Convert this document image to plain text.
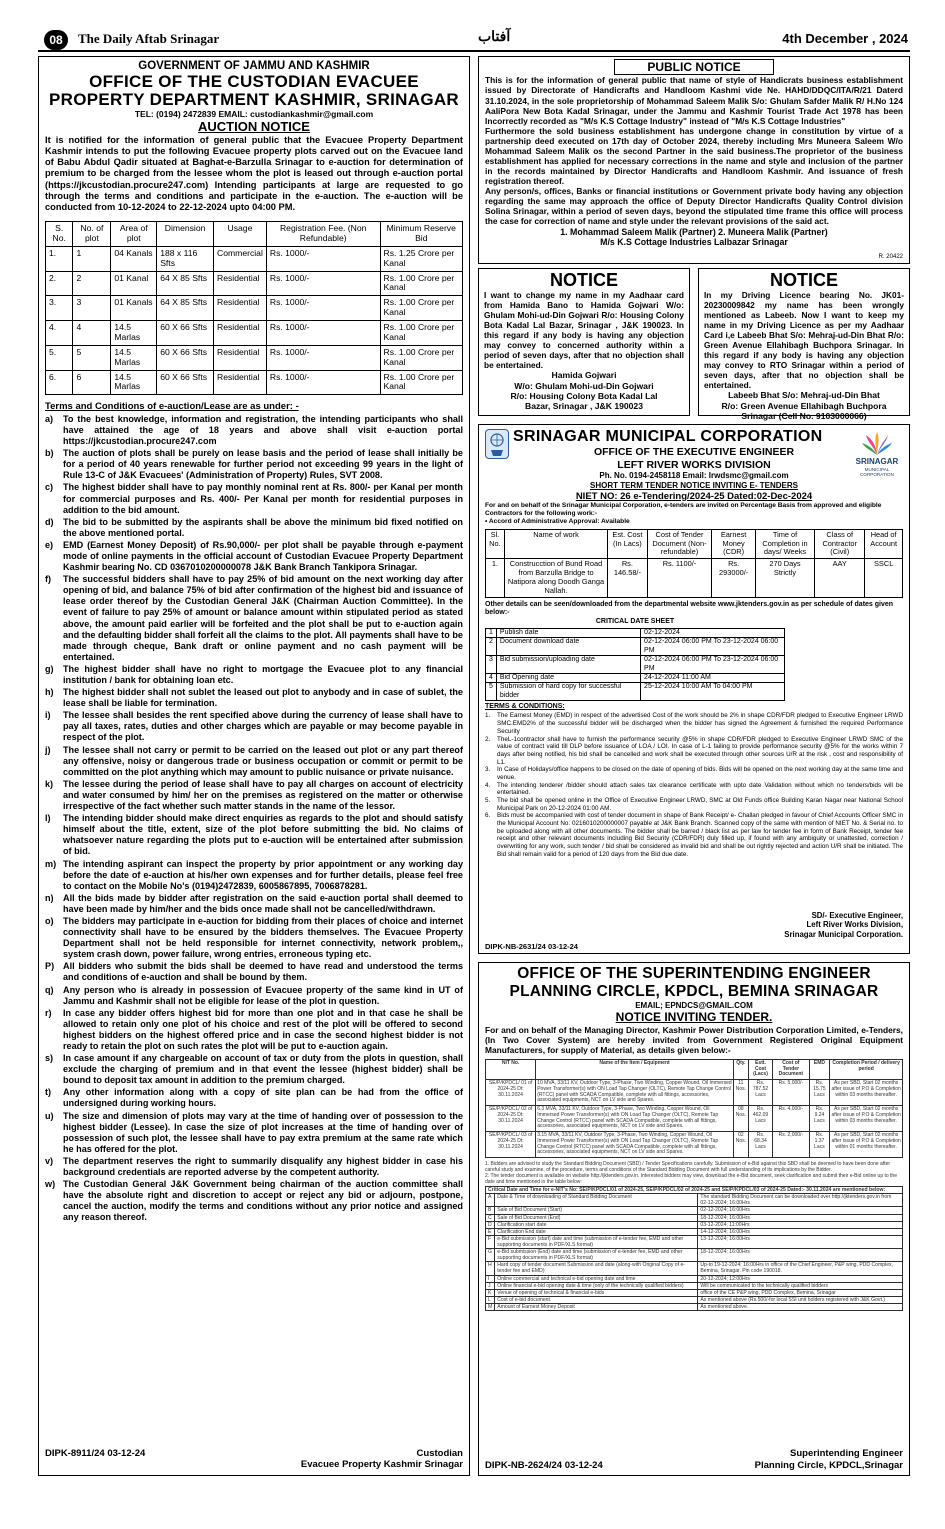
08	The Daily Aftab Srinagar	آفتاب	4th December , 2024
GOVERNMENT OF JAMMU AND KASHMIR
OFFICE OF THE CUSTODIAN EVACUEE
PROPERTY DEPARTMENT KASHMIR, SRINAGAR
TEL: (0194) 2472839 EMAIL: custodiankashmir@gmail.com
AUCTION NOTICE
It is notified for the information of general public that the Evacuee Property Department Kashmir intends to put the following Evacuee property plots carved out on the Evacuee land of Babu Abdul Qadir situated at Baghat-e-Barzulla Srinagar to e-auction for determination of premium to be charged from the lessee whom the plot is leased out through e-auction portal (https://jkcustodian.procure247.com) Intending participants at large are requested to go through the terms and conditions and participate in the e-auction. The e-auction will be conducted from 10-12-2024 to 22-12-2024 upto 04:00 PM.
S. No.	No. of plot	Area of plot	Dimension	Usage	Registration Fee. (Non Refundable)	Minimum Reserve Bid
1.	1	04 Kanals	188 x 116 Sfts	Commercial	Rs. 1000/-	Rs. 1.25 Crore per Kanal
2.	2	01 Kanal	64 X 85 Sfts	Residential	Rs. 1000/-	Rs. 1.00 Crore per Kanal
3.	3	01 Kanals	64 X 85 Sfts	Residential	Rs. 1000/-	Rs. 1.00 Crore per Kanal
4.	4	14.5 Marlas	60 X 66 Sfts	Residential	Rs. 1000/-	Rs. 1.00 Crore per Kanal
5.	5	14.5 Marlas	60 X 66 Sfts	Residential	Rs. 1000/-	Rs. 1.00 Crore per Kanal
6.	6	14.5 Marlas	60 X 66 Sfts	Residential	Rs. 1000/-	Rs. 1.00 Crore per Kanal
Terms and Conditions of e-auction/Lease are as under: -
a)	To the best knowledge, information and registration, the intending participants who shall have attained the age of 18 years and above shall visit e-auction portal https://jkcustodian.procure247.com
b)	The auction of plots shall be purely on lease basis and the period of lease shall initially be for a period of 40 years renewable for further period not exceeding 99 years in the light of Rule 13-C of J&K Evacuees' (Administration of Property) Rules, SVT 2008.
c)	The highest bidder shall have to pay monthly nominal rent at Rs. 800/- per Kanal per month for commercial purposes and Rs. 400/- Per Kanal per month for residential purposes in addition to the bid amount.
d)	The bid to be submitted by the aspirants shall be above the minimum bid fixed notified on the above mentioned portal.
e)	EMD (Earnest Money Deposit) of Rs.90,000/- per plot shall be payable through e-payment mode of online payments in the official account of Custodian Evacuee Property Department Kashmir bearing No. CD 0367010200000078 J&K Bank Branch Tankipora Srinagar.
f)	The successful bidders shall have to pay 25% of bid amount on the next working day after opening of bid, and balance 75% of bid after confirmation of the highest bid and issuance of lease order thereof by the Custodian General J&K (Chairman Auction Committee). In the event of failure to pay 25% of amount or balance amount within stipulated period as stated above, the amount paid earlier will be forfeited and the plot shall be put to e-auction again and the defaulting bidder shall forfeit all the claims to the plot. All payments shall have to be made through cheque, Bank draft or online payment and no cash payment will be entertained.
g)	The highest bidder shall have no right to mortgage the Evacuee plot to any financial institution / bank for obtaining loan etc.
h)	The highest bidder shall not sublet the leased out plot to anybody and in case of sublet, the lease shall be liable for termination.
i)	The lessee shall besides the rent specified above during the currency of lease shall have to pay all taxes, rates, duties and other charges which are payable or may become payable in respect of the plot.
j)	The lessee shall not carry or permit to be carried on the leased out plot or any part thereof any offensive, noisy or dangerous trade or business occupation or commit or permit to be committed on the plot anything which may amount to public nuisance or private nuisance.
k)	The lessee during the period of lease shall have to pay all charges on account of electricity and water consumed by him/ her on the premises as registered on the matter or otherwise irrespective of the fact whether such matter stands in the name of the lessor.
l)	The intending bidder should make direct enquiries as regards to the plot and should satisfy himself about the title, extent, size of the plot before submitting the bid. No claims of whatsoever nature regarding the plots put to e-auction will be entertained after submission of bid.
m) The intending aspirant can inspect the property by prior appointment or any working day before the date of e-auction at his/her own expenses and for further details, please feel free to contact on the Mobile No's (0194)2472839, 6005867895, 7006878281.
n)	All the bids made by bidder after registration on the said e-auction portal shall deemed to have been made by him/her and the bids once made shall not be cancelled/withdrawn.
o)	The bidders may participate in e-auction for bidding from their places of choice and internet connectivity shall have to be ensured by the bidders themselves. The Evacuee Property Department shall not be held responsible for internet connectivity, network problem,, system crash down, power failure, wrong entries, erroneous typing etc.
P) All bidders who submit the bids shall be deemed to have read and understood the terms and conditions of e-auction and shall be bound by them.
q)	Any person who is already in possession of Evacuee property of the same kind in UT of Jammu and Kashmir shall not be eligible for lease of the plot in question.
r)	In case any bidder offers highest bid for more than one plot and in that case he shall be allowed to retain only one plot of his choice and rest of the plot will be offered to second highest bidders on the highest offered price and in case the second highest bidder is not ready to retain the plot on such rates the plot will be put to e-auction again.
s)	In case amount if any chargeable on account of tax or duty from the plots in question, shall exclude the charging of premium and in that event the lessee (highest bidder) shall be bound to deposit tax amount in addition to the premium charged.
t)	Any other information along with a copy of site plan can be had from the office of undersigned during working hours.
u)	The size and dimension of plots may vary at the time of handing over of possession to the highest bidder (Lessee). In case the size of plot increases at the time of handing over of possession of such plot, the lessee shall have to pay extra premium at the same rate which he has offered for the plot.
v)	The department reserves the right to summarily disqualify any highest bidder in case his background credentials are reported adverse by the competent authority.
w) The Custodian General J&K Government being chairman of the auction committee shall have the absolute right and discretion to accept or reject any bid or adjourn, postpone, cancel the auction, modify the terms and conditions without any prior notice and assigned any reason thereof.
DIPK-8911/24 03-12-24	Custodian
Evacuee Property Kashmir Srinagar
PUBLIC NOTICE
This is for the information of general public that name of style of Handicrats business establishment issued by Directorate of Handicrafts and Handloom Kashmi vide Ne. HAHD/DDQC/ITA/R/21 Daterd 31.10.2024, in the sole proprietorship of Mohammad Saleem Malik S/o: Ghulam Safder Malik R/ H.No 124 AaliPora New Bota Kadal Srinagar, under the Jammu and Kashmir Tourist Trade Act 1978 has been Incorrectly recorded as "M/s K.S Cottage Industry" instead of "M/s K.S Cottage Industries"
Furthermore the sold business establishment has undergone change in constitution by virtue of a partnership deed executed on 17th day of October 2024, thereby including Mrs Muneera Saleem W/o Mohammad Saleem Malik os the second Partner in the said business.The proprietor of the business establishment has applied for necessary corrections in the name and style and inclusion of the partner in the records maintained by Director Handicrafts and Handloom Kashmir. And issuance of fresh registration thereof.
Any person/s, offices, Banks or financial institutions or Government private body having any objection regarding the same may approach the office of Deputy Director Handicrafts Quality Control division Solina Srinagar, within a period of seven days, beyond the stipulated time frame this office will process the case for correction of name and style under the relevant provisions of the said act.
1. Mohammad Saleem Malik (Partner) 2. Muneera Malik (Partner)
M/s K.S Cottage Industries Lalbazar Srinagar
R. 20422
NOTICE
I want to change my name in my Aadhaar card from Hamida Bano to Hamida Gojwari W/o: Ghulam Mohi-ud-Din Gojwari R/o: Housing Colony Bota Kadal Lal Bazar, Srinagar , J&K 190023. In this regard if any body is having any objection may convey to concerned authority within a period of seven days, after that no objection shall be entertained.
Hamida Gojwari
W/o: Ghulam Mohi-ud-Din Gojwari
R/o: Housing Colony Bota Kadal Lal
Bazar, Srinagar , J&K 190023
NOTICE
In my Driving Licence bearing No. JK01-20230009842 my name has been wrongly mentioned as Labeeb. Now I want to keep my name in my Driving Licence as per my Aadhaar Card i,e Labeeb Bhat S/o: Mehraj-ud-Din Bhat R/o: Green Avenue Ellahibagh Buchpora Srinagar. In this regard if any body is having any objection may convey to RTO Srinagar within a period of seven days, after that no objection shall be entertained.
Labeeb Bhat S/o: Mehraj-ud-Din Bhat
R/o: Green Avenue Ellahibagh Buchpora
Srinagar (Cell No. 9103000066)
SRINAGAR
MUNICIPAL CORPORATION
SRINAGAR MUNICIPAL CORPORATION
OFFICE OF THE EXECUTIVE ENGINEER
LEFT RIVER WORKS DIVISION
Ph. No. 0194-2458118 Email: lrwdsmc@gmail.com
SHORT TERM TENDER NOTICE INVITING E- TENDERS
NIET NO: 26 e-Tendering/2024-25 Dated:02-Dec-2024
For and on behalf of the Srinagar Municipal Corporation, e-tenders are invited on Percentage Basis from approved and eligible Contractors for the following work:-
• Accord of Administrative Approval: Available
Sl. No.	Name of work	Est. Cost (In Lacs)	Cost of Tender Document (Non-refundable)	Earnest Money (CDR)	Time of Completion in days/ Weeks	Class of Contractor (Civil)	Head of Account
1.	Construcction of Bund Road from Barzulla Bridge to Natipora along Doodh Ganga Nallah.	Rs. 146.58/-	Rs. 1100/-	Rs. 293000/-	270 Days Strictly	AAY	SSCL
Other details can be seen/downloaded from the departmental website www.jktenders.gov.in as per schedule of dates given below:-
CRITICAL DATE SHEET
1	Publish date	02-12-2024
2	Document download date	02-12-2024 06:00 PM To 23-12-2024 06:00 PM
3	Bid submission/uploading date	02-12-2024 06:00 PM To 23-12-2024 06:00 PM
4	Bid Opening date	24-12-2024 11:00 AM
5	Submission of hard copy for successful bidder	25-12-2024 10:00 AM To 04:00 PM
TERMS & CONDITIONS:
1.	The Earnest Money (EMD) in respect of the advertised Cost of the work should be 2% in shape CDR/FDR pledged to Executive Engineer LRWD SMC.EMD2% of the successful bidder will be discharged when the bidder has signed the Agreement & furnished the required Performance Security
2.	TheL-1contractor shall have to furnish the performance security @5% in shape CDR/FDR pledged to Executive Engineer LRWD SMC of the value of contract valid till DLP before issuance of LOA / LOI. In case of L-1 failing to provide performance security @5% for the works within 7 days after being notified, his bid shall be cancelled and work shall be executed through other sources U/R at the risk , cost and responsibility of L1.
3.	In Case of Holidays/office happens to be closed on the date of opening of bids. Bids will be opened on the next working day at the same time and venue.
4.	The intending tenderer /bidder should attach sales tax clearance certificate with upto date Validation without which no tenders/bids will be entertained.
5.	The bid shall be opened online in the Office of Executive Engineer LRWD, SMC at Old Funds office Building Karan Nagar near National School Municipal Park on 20-12-2024 01:00 AM.
6.	Bids must be accompanied with cost of tender document in shape of Bank Receipt/ e- Challan pledged in favour of Chief Accounts Officer SMC in the Municipal Account No: 0216010200000007 payable at J&K Bank Branch. Scanned copy of the same with mention of NIET No. & Serial no. to be uploaded along with all other documents. The bidder shall be barred / black list as per law for tender fee in form of Bank Receipt, tender fee receipt and other relevant documents including Bid Security (CDR/FDR) duly filled up, if found with any ambiguity or unattested, correction / overwriting for any work, such tender / bid shall be considered as invalid bid and shall be out rightly rejected and action U/R shall be initiated. The Bid shall remain valid for a period of 120 days from the Bid due date.
SD/- Executive Engineer,
Left River Works Division,
Srinagar Municipal Corporation.
DIPK-NB-2631/24 03-12-24
OFFICE OF THE SUPERINTENDING ENGINEER
PLANNING CIRCLE, KPDCL, BEMINA SRINAGAR
EMAIL; EPNDCS@GMAIL.COM
NOTICE INVITING TENDER.
For and on behalf of the Managing Director, Kashmir Power Distribution Corporation Limited, e-Tenders, (In Two Cover System) are hereby invited from Government Registered Original Equipment Manufacturers, for supply of Material, as details given below:-
NIT No.	Name of the Item / Equipment	Qty.	Estt. Cost (Lacs)	Cost of Tender Document	EMD	Completion Period / delivery period
SE/P/KPDCL/ 01 of 2024-25 Dt: 30.11.2024	10 MVA, 33/11 KV, Outdoor Type, 3-Phase, Two Winding, Copper Wound, Oil Immersed Power Transformer(s) with ON Load Tap Changer (OLTC), Remote Tap Change Control (RTCC) panel with SCADA Compatible, complete with all fittings, accessories, associated equipments, NCT on LV side and Spares.	11 Nos.	Rs. 787.52 Lacs	Rs. 5,000/-	Rs. 15.75 Lacs	As per SBD, Start 02 months after issue of P.O & Completion within 03 months thereafter.
SE/P/KPDCL/ 02 of 2024-25 Dt: 30.11.2024	6.3 MVA, 33/11 KV, Outdoor Type, 3-Phase, Two Winding, Copper Wound, Oil Immersed Power Transformer(s) with ON Load Tap Changer (OLTC), Remote Tap Change Control (RTCC) panel with SCADA Compatible, complete with all fittings, accessories, associated equipments, NCT on LV side and Spares.	08 Nos.	Rs. 462.09 Lacs	Rs. 4,000/-	Rs. 9.24 Lacs	As per SBD, Start 02 months after issue of P.O & Completion within 03 months thereafter.
SE/P/KPDCL/ 03 of 2024-25 Dt: 30.11.2024	3.15 MVA, 33/11 KV, Outdoor Type, 3-Phase, Two Winding, Copper Wound, Oil Immersed Power Transformer(s) with ON Load Tap Changer (OLTC), Remote Tap Change Control (RTCC) panel with SCADA Compatible, complete with all fittings, accessories, associated equipments, NCT on LV side and Spares.	02 Nos.	Rs. 68.34 Lacs	Rs. 2,000/-	Rs. 1.37 Lacs	As per SBD, Start 02 months after issue of P.O & Completion within 01 months thereafter.
1. Bidders are advised to study the Standard Bidding Document (SBD) / Tender Specifications carefully. Submission of e-Bid against this SBD shall be deemed to have been done after careful study and examine, of the procedure, terms and conditions of the Standard Bidding Document with full understanding of its implications by the Bidder.
2. The tender document is available on website http://jktenders.gov.in. Interested bidders may view, download the e-Bid document, seek clarification and submit their e-Bid online up to the date and time mentioned in the table below:
Critical Date and Time for e-NIT's No: SE/P/KPDCL/01 of 2024-25, SE/P/KPDCL/02 of 2024-25 and SE/P/KPDCL/03 of 2024-25 Dated:- 30.11.2024 are mentioned below:		
A	Date & Time of downloading of Standard Bidding Document	The standard Bidding Document can be downloaded over http://jktenders.gov.in from 02-12-2024; 16:00Hrs
B	Sale of Bid Document (Start)	02-12-2024; 16:00Hrs
C	Sale of Bid Document (End)	18-12-2024; 16:00Hrs
D	Clarification start date	03-12-2024; 11:00Hrs
E	Clarification End date	14-12-2024; 16:00Hrs
F	e-Bid submission (start) date and time (submission of e-tender fee, EMD and other supporting documents in PDF/XLS format)	13-12-2024; 16:00Hrs
G	e-Bid submission (End) date and time (submission of e-tender fee, EMD and other supporting documents in PDF/XLS format)	18-12-2024; 16:00Hrs
H	Hard copy of tender document Submission and date (along-with Original Copy of e-tender fee and EMD)	Up-to 19-12-2024; 16:00Hrs in office of the Chief Engineer, P&P wing, PDD Complex, Bemina, Srinagar. Pin code 190018.
I	Online commercial and technical e-bid opening date and time	20-12-2024; 12:00Hrs
J	Online financial e-bid opening date & time (only of the technically qualified bidders)	Will be communicated to the technically qualified bidders
K	Venue of opening of technical & financial e-bids	office of the CE P&P wing, PDD Complex, Bemina, Srinagar
L	Cost of e-bid document.	As mentioned above (Rs.500/-for local SSI unit holders registered with J&K Govt.)
M	Amount of Earnest Money Deposit	As mentioned above.
Superintending Engineer
Planning Circle, KPDCL,Srinagar
DIPK-NB-2624/24 03-12-24
